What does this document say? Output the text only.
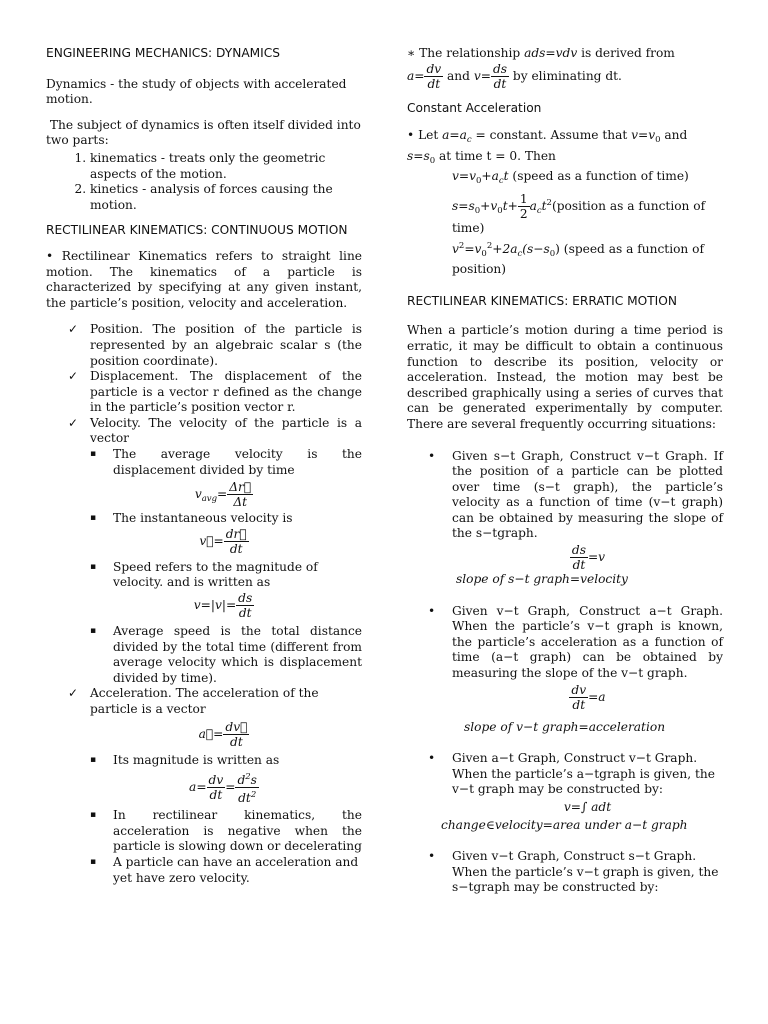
ENGINEERING MECHANICS: DYNAMICS

Dynamics - the study of objects with accelerated motion.

The subject of dynamics is often itself divided into two parts:

1. kinematics - treats only the geometric aspects of the motion.
2. kinetics - analysis of forces causing the motion.
RECTILINEAR KINEMATICS: CONTINUOUS MOTION

• Rectilinear Kinematics refers to straight line motion. The kinematics of a particle is characterized by specifying at any given instant, the particle’s position, velocity and acceleration.

✓ Position. The position of the particle is represented by an algebraic scalar s (the position coordinate).

✓ Displacement. The displacement of the particle is a vector r defined as the change in the particle’s position vector r.

✓ Velocity. The velocity of the particle is a vector

▪ The average velocity is the displacement divided by time

$v_{avg}= \frac{\Delta r⃗}{\Delta t}$
▪ The instantaneous velocity is

v⃗= $\frac{dr⃗}{dt}$
▪ Speed refers to the magnitude of velocity. and is written as

$v=|v|= \frac{ds}{dt}$
▪ Average speed is the total distance divided by the total time (different from average velocity which is displacement divided by time).

✓ Acceleration. The acceleration of the particle is a vector

a⃗= $\frac{dv⃗}{dt}$
▪ Its magnitude is written as

$a= \frac{dv}{dt} = \frac{d^2s}{dt^2}$
▪ In rectilinear kinematics, the acceleration is negative when the particle is slowing down or decelerating

▪ A particle can have an acceleration and yet have zero velocity.

∗ The relationship ads=vdv is derived from

$a= \frac{dv}{dt}$ and $v= \frac{ds}{dt}$ by eliminating dt.

Constant Acceleration

• Let $a=a_c$ = constant. Assume that $v=v_0$ and
$s=s_0$ at time t = 0. Then

$v=v_0+a_ct$ (speed as a function of time)

$s=s_0+v_0t+ \frac{1}{2}$ $a_ct^2(position$ as a function of time)

$v^2=v_0^2+2a_c(s-s_0)$ (speed as a function of position)

RECTILINEAR KINEMATICS: ERRATIC MOTION

When a particle’s motion during a time period is erratic, it may be difficult to obtain a continuous function to describe its position, velocity or acceleration. Instead, the motion may best be described graphically using a series of curves that can be generated experimentally by computer. There are several frequently occurring situations:

• Given s−t Graph, Construct v−t Graph. If the position of a particle can be plotted over time (s−t graph), the particle’s velocity as a function of time (v−t graph) can be obtained by measuring the slope of the s−tgraph.

$\frac{ds}{dt} =v$

slope of s−t graph=velocity

• Given v−t Graph, Construct a−t Graph. When the particle’s v−t graph is known, the particle’s acceleration as a function of time (a−t graph) can be obtained by measuring the slope of the v−t graph.

$\frac{dv}{dt} =a$

slope of v−t graph=acceleration

• Given a−t Graph, Construct v−t Graph. When the particle’s a−tgraph is given, the v−t graph may be constructed by:

v=∫ adt

change∈velocity=area under a−t graph

• Given v−t Graph, Construct s−t Graph. When the particle’s v−t graph is given, the s−tgraph may be constructed by:
